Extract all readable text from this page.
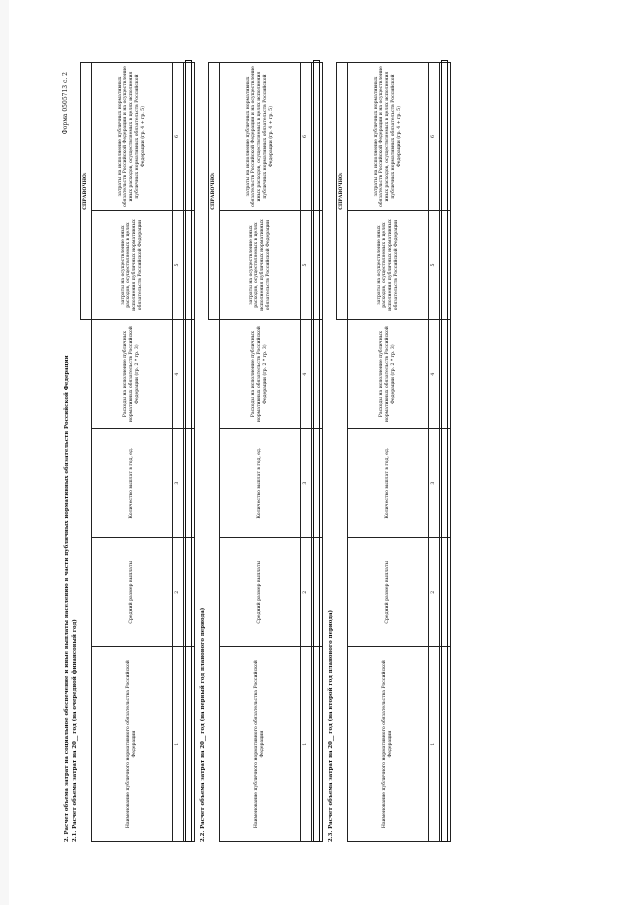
Форма 0505713 с. 2
2. Расчет объема затрат на социальное обеспечение и иные выплаты населению в части публичных нормативных обязательств Российской Федерации 2.1. Расчет объема затрат на 20__ год (на очередной финансовый год)
				СПРАВОЧНО:	
Наименование публичного нормативного обязательства Российской Федерации	Средний размер выплаты	Количество выплат в год, ед.	Расходы на исполнение публичных нормативных обязательств Российской Федерации (гр. 2 * гр. 3)	затраты на осуществление иных расходов, осуществляемых в целях исполнения публичных нормативных обязательств Российской Федерации	затраты на исполнение публичных нормативных обязательств Российской Федерации и на осуществление иных расходов, осуществляемых в целях исполнения публичных нормативных обязательств Российской Федерации (гр. 4 + гр. 5)
1	2	3	4	5	6

2.2. Расчет объема затрат на 20__ год (на первый год планового периода)
				СПРАВОЧНО:	
Наименование публичного нормативного обязательства Российской Федерации	Средний размер выплаты	Количество выплат в год, ед.	Расходы на исполнение публичных нормативных обязательств Российской Федерации (гр. 2 * гр. 3)	затраты на осуществление иных расходов, осуществляемых в целях исполнения публичных нормативных обязательств Российской Федерации	затраты на исполнение публичных нормативных обязательств Российской Федерации и на осуществление иных расходов, осуществляемых в целях исполнения публичных нормативных обязательств Российской Федерации (гр. 4 + гр. 5)
1	2	3	4	5	6

2.3. Расчет объема затрат на 20__ год (на второй год планового периода)
				СПРАВОЧНО:	
Наименование публичного нормативного обязательства Российской Федерации	Средний размер выплаты	Количество выплат в год, ед.	Расходы на исполнение публичных нормативных обязательств Российской Федерации (гр. 2 * гр. 3)	затраты на осуществление иных расходов, осуществляемых в целях исполнения публичных нормативных обязательств Российской Федерации	затраты на исполнение публичных нормативных обязательств Российской Федерации и на осуществление иных расходов, осуществляемых в целях исполнения публичных нормативных обязательств Российской Федерации (гр. 4 + гр. 5)
1	2	3	4	5	6
